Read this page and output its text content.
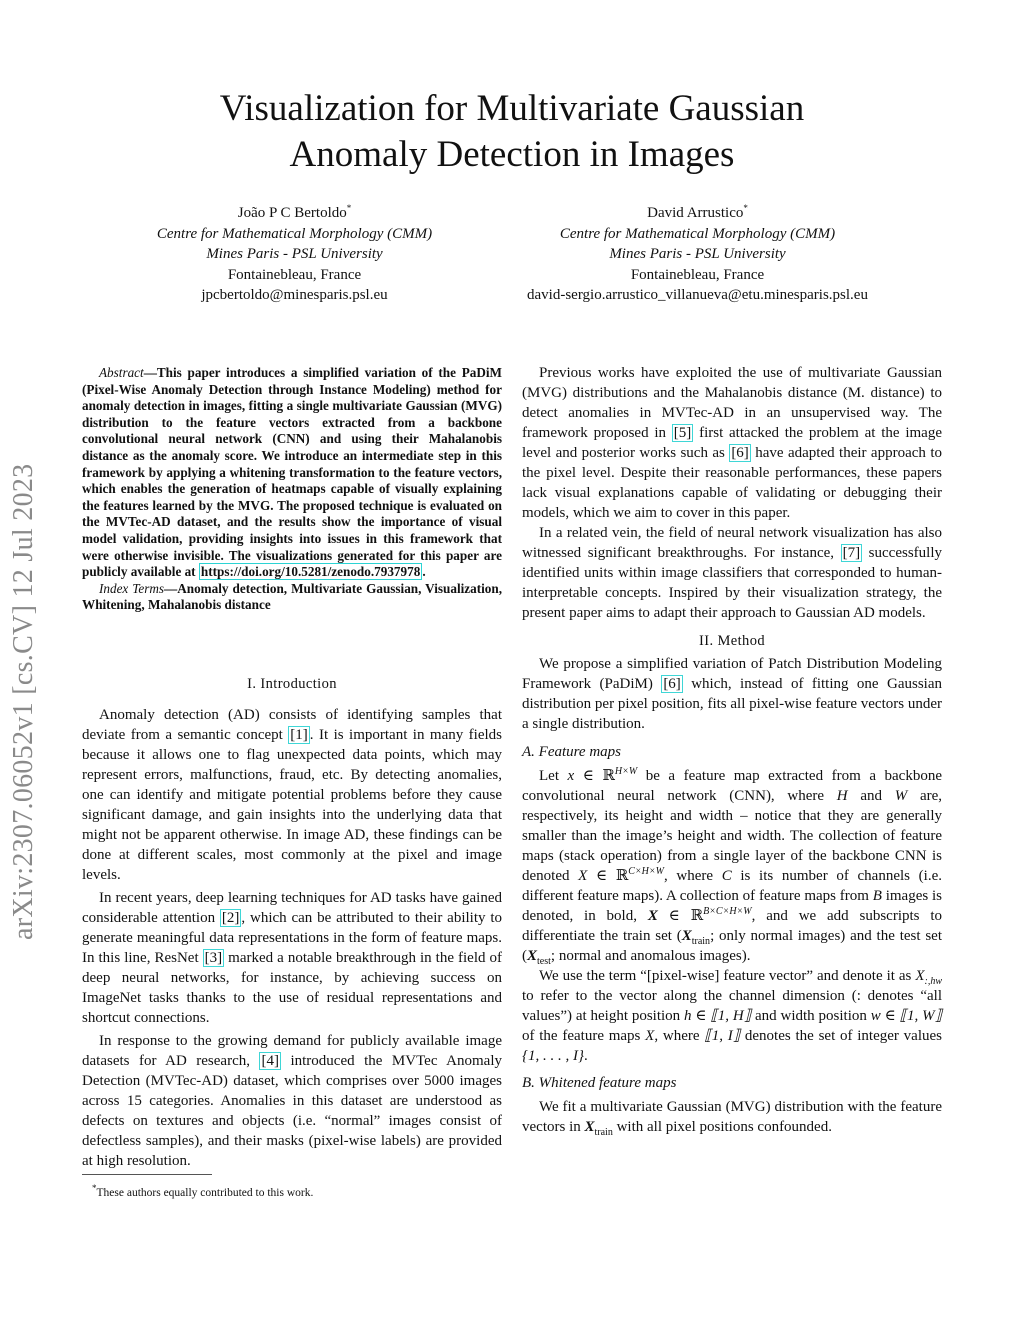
Visualization for Multivariate Gaussian
Anomaly Detection in Images
João P C Bertoldo*
Centre for Mathematical Morphology (CMM)
Mines Paris - PSL University
Fontainebleau, France
jpcbertoldo@minesparis.psl.eu
David Arrustico*
Centre for Mathematical Morphology (CMM)
Mines Paris - PSL University
Fontainebleau, France
david-sergio.arrustico_villanueva@etu.minesparis.psl.eu
arXiv:2307.06052v1 [cs.CV] 12 Jul 2023

Abstract—This paper introduces a simplified variation of the PaDiM (Pixel-Wise Anomaly Detection through Instance Modeling) method for anomaly detection in images, fitting a single multivariate Gaussian (MVG) distribution to the feature vectors extracted from a backbone convolutional neural network (CNN) and using their Mahalanobis distance as the anomaly score. We introduce an intermediate step in this framework by applying a whitening transformation to the feature vectors, which enables the generation of heatmaps capable of visually explaining the features learned by the MVG. The proposed technique is evaluated on the MVTec-AD dataset, and the results show the importance of visual model validation, providing insights into issues in this framework that were otherwise invisible. The visualizations generated for this paper are publicly available at https://doi.org/10.5281/zenodo.7937978 .

Index Terms—Anomaly detection, Multivariate Gaussian, Visualization, Whitening, Mahalanobis distance

I. Introduction

Anomaly detection (AD) consists of identifying samples that deviate from a semantic concept [1] . It is important in many fields because it allows one to flag unexpected data points, which may represent errors, malfunctions, fraud, etc. By detecting anomalies, one can identify and mitigate potential problems before they cause significant damage, and gain insights into the underlying data that might not be apparent otherwise. In image AD, these findings can be done at different scales, most commonly at the pixel and image levels.

In recent years, deep learning techniques for AD tasks have gained considerable attention [2] , which can be attributed to their ability to generate meaningful data representations in the form of feature maps. In this line, ResNet [3] marked a notable breakthrough in the field of deep neural networks, for instance, by achieving success on ImageNet tasks thanks to the use of residual representations and shortcut connections.

In response to the growing demand for publicly available image datasets for AD research, [4] introduced the MVTec Anomaly Detection (MVTec-AD) dataset, which comprises over 5000 images across 15 categories. Anomalies in this dataset are understood as defects on textures and objects (i.e. “normal” images consist of defectless samples), and their masks (pixel-wise labels) are provided at high resolution.

*These authors equally contributed to this work.

Previous works have exploited the use of multivariate Gaussian (MVG) distributions and the Mahalanobis distance (M. distance) to detect anomalies in MVTec-AD in an unsupervised way. The framework proposed in [5] first attacked the problem at the image level and posterior works such as [6] have adapted their approach to the pixel level. Despite their reasonable performances, these papers lack visual explanations capable of validating or debugging their models, which we aim to cover in this paper.

In a related vein, the field of neural network visualization has also witnessed significant breakthroughs. For instance, [7] successfully identified units within image classifiers that corresponded to human-interpretable concepts. Inspired by their visualization strategy, the present paper aims to adapt their approach to Gaussian AD models.

II. Method

We propose a simplified variation of Patch Distribution Modeling Framework (PaDiM) [6] which, instead of fitting one Gaussian distribution per pixel position, fits all pixel-wise feature vectors under a single distribution.

A. Feature maps

Let x ∈ ℝ$^{H\times W}$ be a feature map extracted from a backbone convolutional neural network (CNN), where H and W are, respectively, its height and width – notice that they are generally smaller than the image’s height and width. The collection of feature maps (stack operation) from a single layer of the backbone CNN is denoted X ∈ ℝ$^{C\times H\times W}$, where C is its number of channels (i.e. different feature maps). A collection of feature maps from B images is denoted, in bold, X ∈ ℝ$^{B\times C\times H\times W}$, and we add subscripts to differentiate the train set ($X_{train}$; only normal images) and the test set ($X_{test}$; normal and anomalous images).

We use the term “[pixel-wise] feature vector” and denote it as $X_{:,hw}$ to refer to the vector along the channel dimension (: denotes “all values”) at height position h ∈ ⟦1, H⟧ and width position w ∈ ⟦1, W⟧ of the feature maps X, where ⟦1, I⟧ denotes the set of integer values {1, . . . , I}.

B. Whitened feature maps

We fit a multivariate Gaussian (MVG) distribution with the feature vectors in $X_{train}$ with all pixel positions confounded.
